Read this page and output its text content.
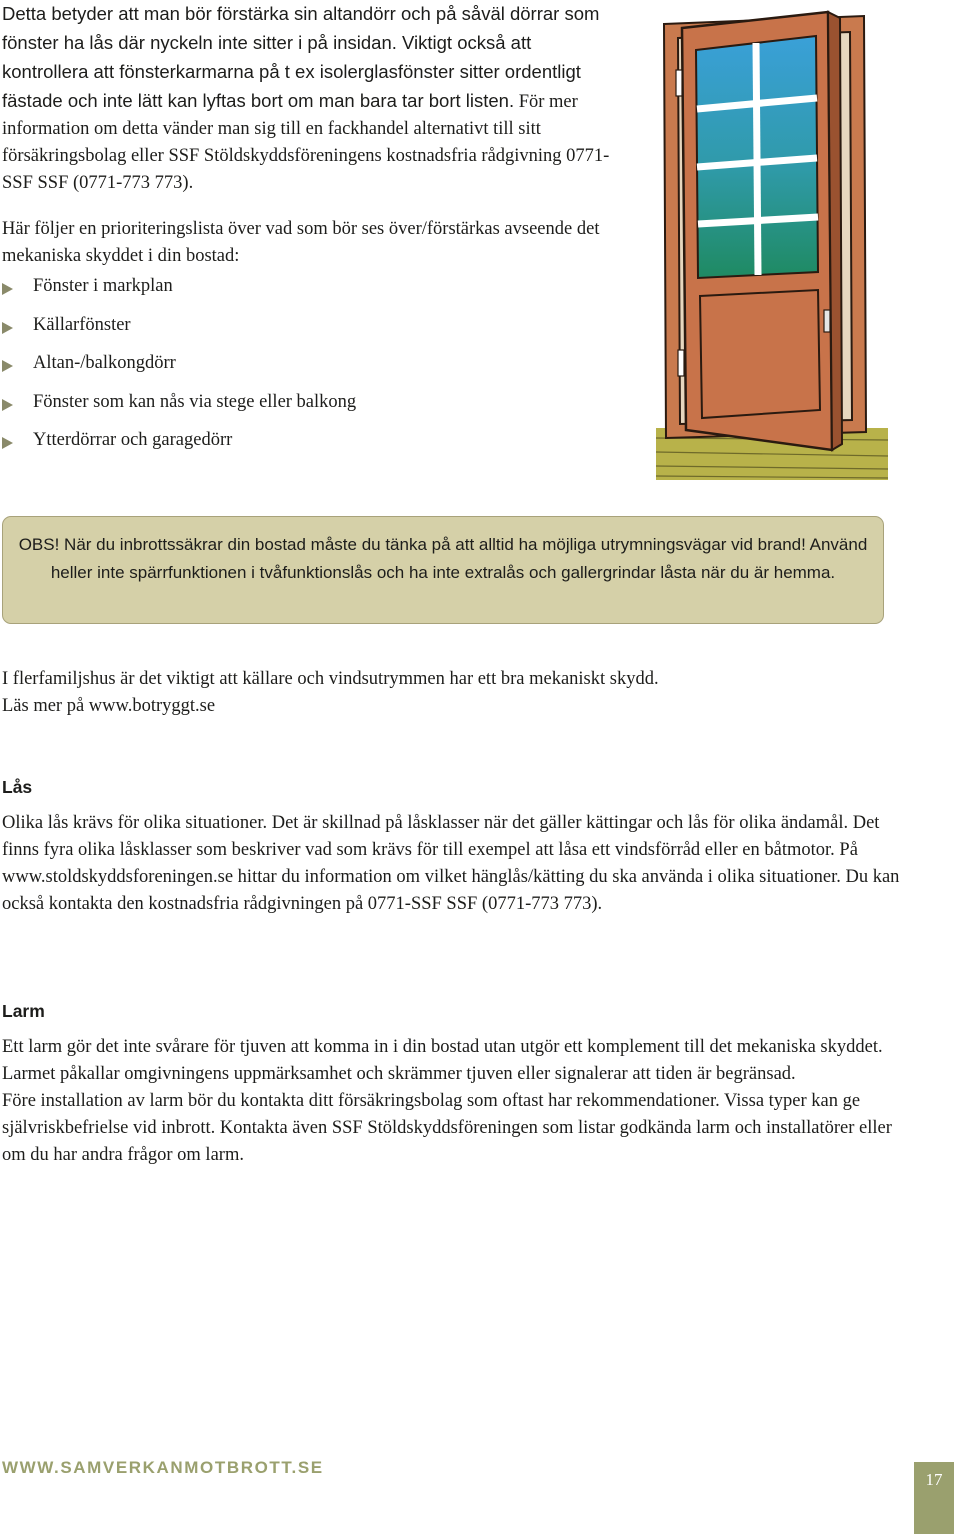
Detta betyder att man bör förstärka sin altandörr och på såväl dörrar som fönster ha lås där nyckeln inte sitter i på insidan. Viktigt också att kontrollera att fönsterkarmarna på t ex isolerglasfönster sitter ordentligt fästade och inte lätt kan lyftas bort om man bara tar bort listen. För mer information om detta vänder man sig till en fackhandel alternativt till sitt försäkringsbolag eller SSF Stöldskyddsföreningens kostnadsfria rådgivning 0771-SSF SSF (0771-773 773).

Här följer en prioriteringslista över vad som bör ses över/förstärkas avseende det mekaniska skyddet i din bostad:

Fönster i markplan
Källarfönster
Altan-/balkongdörr
Fönster som kan nås via stege eller balkong
Ytterdörrar och garagedörr

OBS! När du inbrottssäkrar din bostad måste du tänka på att alltid ha möjliga utrymningsvägar vid brand! Använd heller inte spärrfunktionen i tvåfunktionslås och ha inte extralås och gallergrindar låsta när du är hemma.

I flerfamiljshus är det viktigt att källare och vindsutrymmen har ett bra mekaniskt skydd.

Läs mer på www.botryggt.se

Lås

Olika lås krävs för olika situationer. Det är skillnad på låsklasser när det gäller kättingar och lås för olika ändamål. Det finns fyra olika låsklasser som beskriver vad som krävs för till exempel att låsa ett vindsförråd eller en båtmotor. På www.stoldskyddsforeningen.se hittar du information om vilket hänglås/kätting du ska använda i olika situationer. Du kan också kontakta den kostnadsfria rådgivningen på 0771-SSF SSF (0771-773 773).

Larm

Ett larm gör det inte svårare för tjuven att komma in i din bostad utan utgör ett komplement till det mekaniska skyddet. Larmet påkallar omgivningens uppmärksamhet och skrämmer tjuven eller signalerar att tiden är begränsad.

Före installation av larm bör du kontakta ditt försäkringsbolag som oftast har rekommendationer. Vissa typer kan ge självriskbefrielse vid inbrott. Kontakta även SSF Stöldskyddsföreningen som listar godkända larm och installatörer eller om du har andra frågor om larm.

WWW.SAMVERKANMOTBROTT.SE
17
